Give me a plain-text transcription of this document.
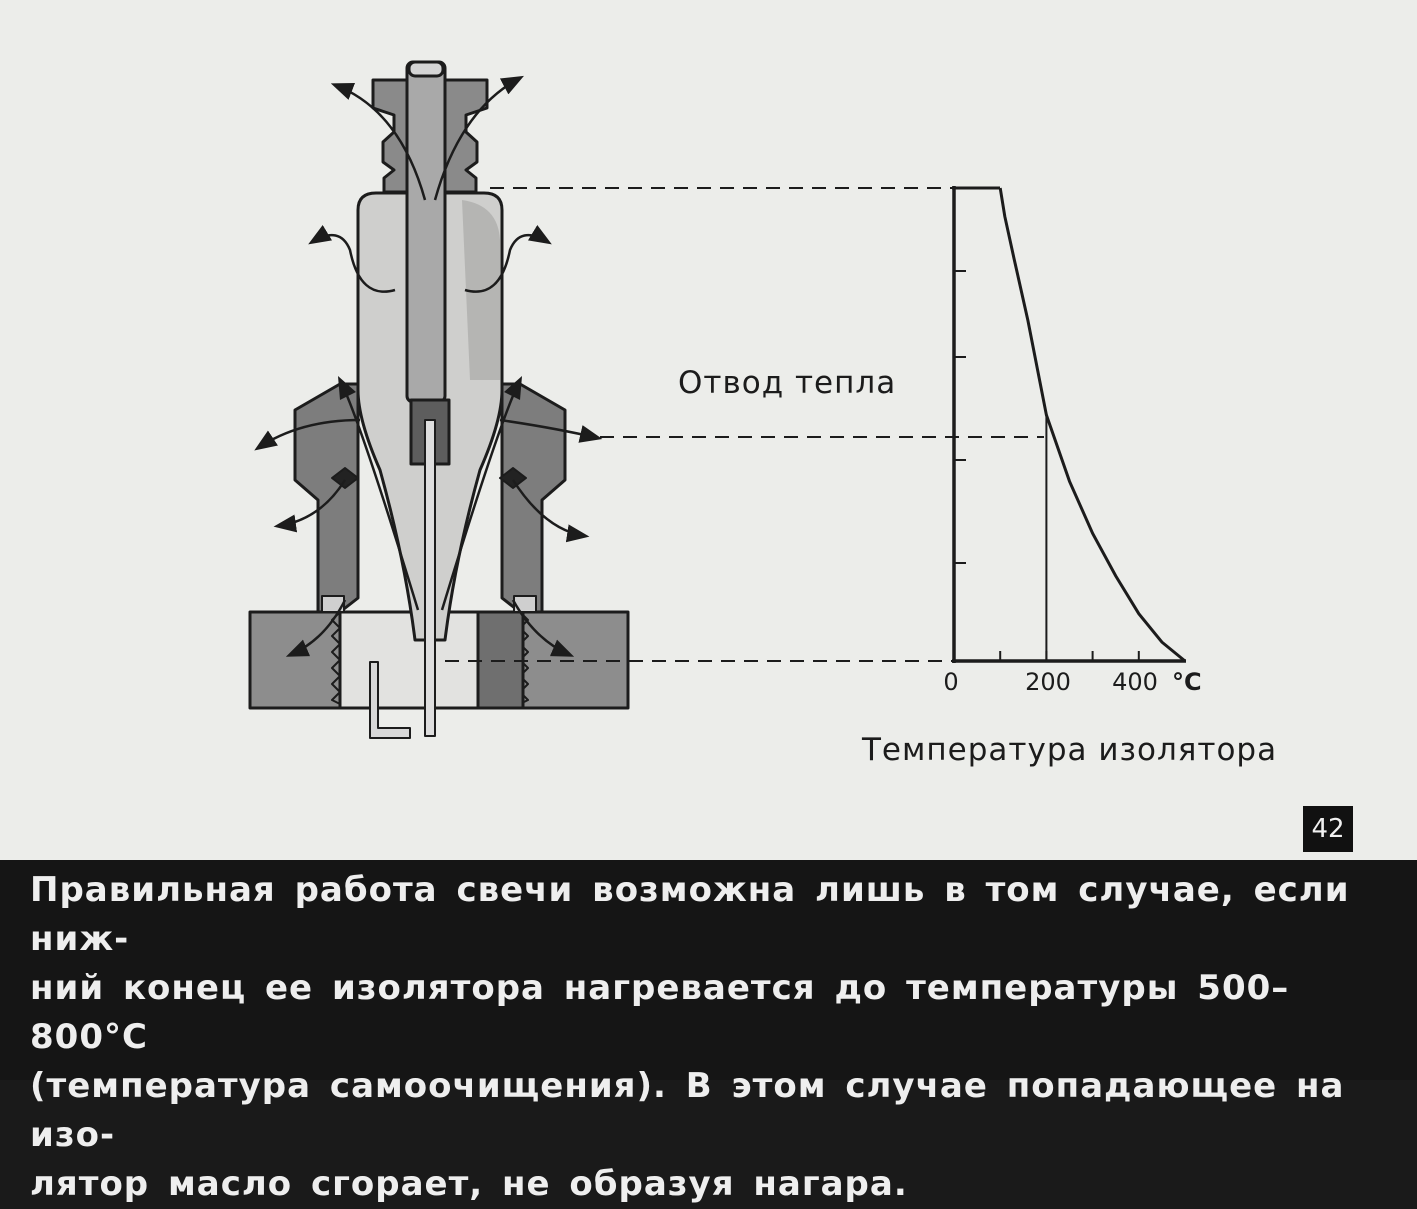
0	200 400 °C
Отвод тепла
Температура изолятора
42

Правильная работа свечи возможна лишь в том случае, если ниж-
ний конец ее изолятора нагревается до температуры 500–800°С
(температура самоочищения). В этом случае попадающее на изо-
лятор масло сгорает, не образуя нагара.
